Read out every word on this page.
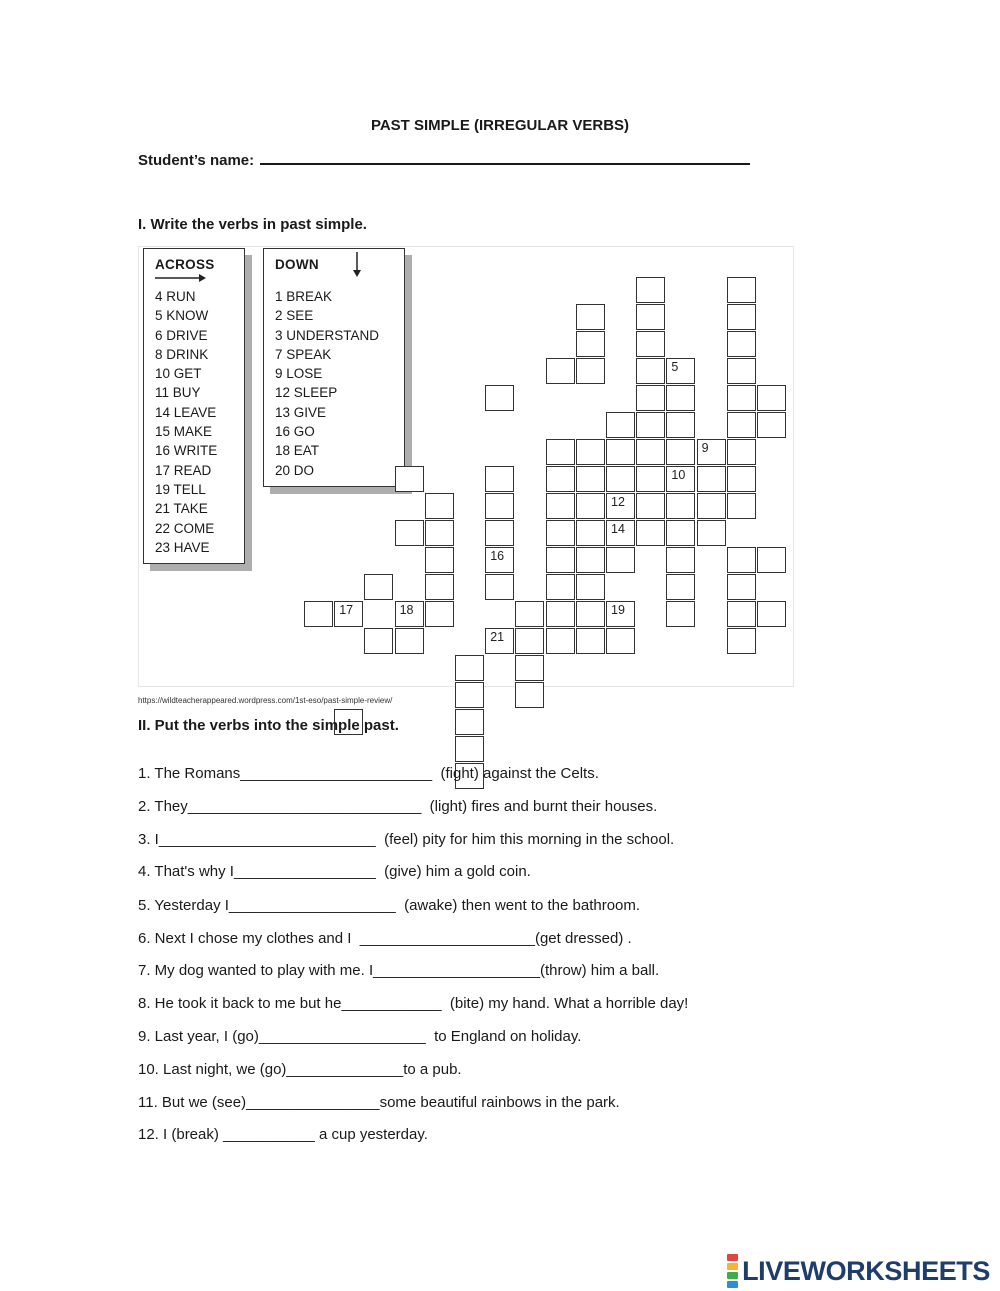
PAST SIMPLE (IRREGULAR VERBS)
Student’s name:
I. Write the verbs in past simple.
ACROSS
4 RUN
5 KNOW
6 DRIVE
8 DRINK
10 GET
11 BUY
14 LEAVE
15 MAKE
16 WRITE
17 READ
19 TELL
21 TAKE
22 COME
23 HAVE
DOWN
1 BREAK
2 SEE
3 UNDERSTAND
7 SPEAK
9 LOSE
12 SLEEP
13 GIVE
16 GO
18 EAT
20 DO
17	18
16
21
12
14
19
5
10
9
https://wildteacherappeared.wordpress.com/1st-eso/past-simple-review/
II. Put the verbs into the simple past.
1. The Romans_______________________  (fight) against the Celts.
2. They____________________________  (light) fires and burnt their houses.
3. I__________________________  (feel) pity for him this morning in the school.
4. That's why I_________________  (give) him a gold coin.
5. Yesterday I____________________  (awake) then went to the bathroom.
6. Next I chose my clothes and I  _____________________(get dressed) .
7. My dog wanted to play with me. I____________________(throw) him a ball.
8. He took it back to me but he____________  (bite) my hand. What a horrible day!
9. Last year, I (go)____________________  to England on holiday.
10. Last night, we (go)______________to a pub.
11. But we (see)________________some beautiful rainbows in the park.
12. I (break) ___________ a cup yesterday.
LIVEWORKSHEETS
